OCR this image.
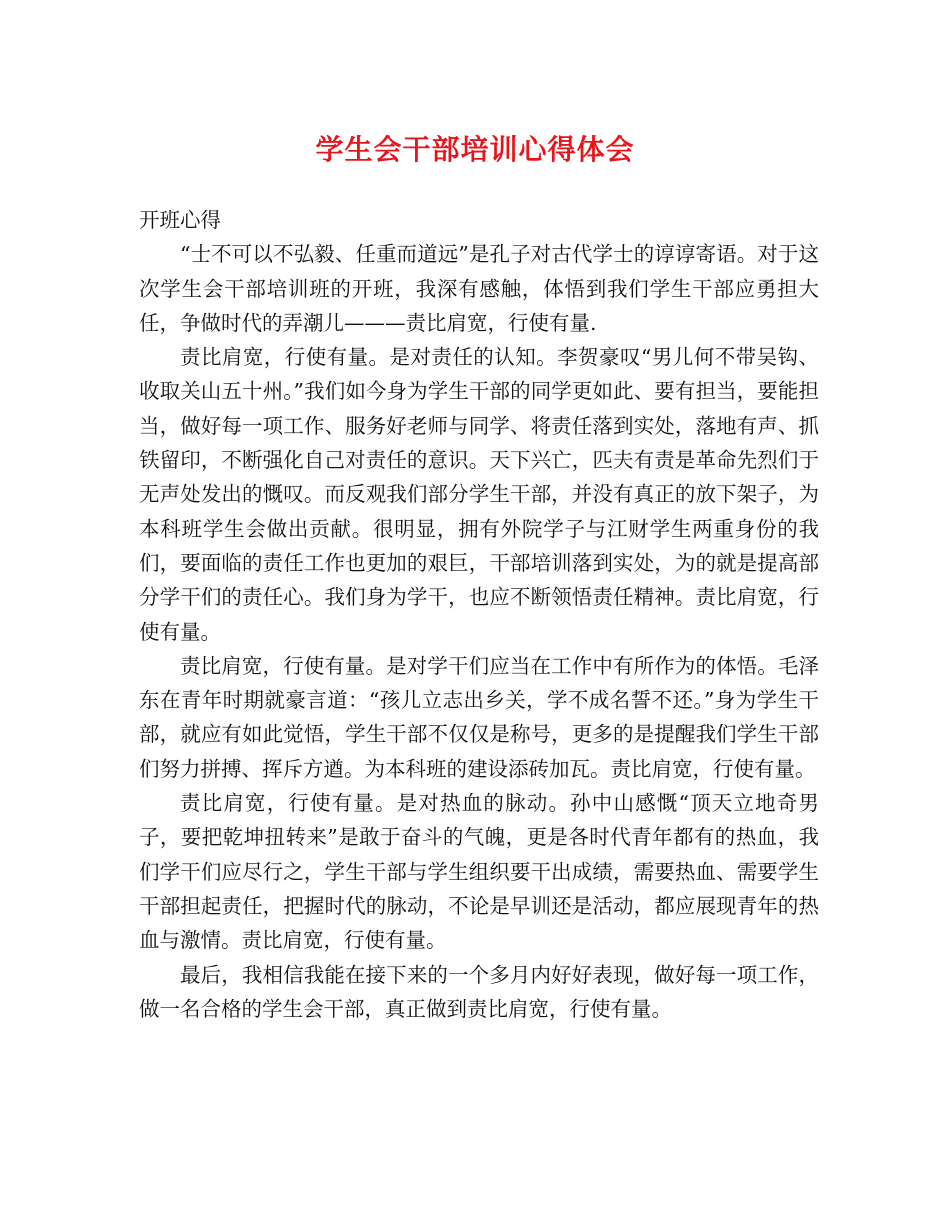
学生会干部培训心得体会

开班心得

“士不可以不弘毅、任重而道远”是孔子对古代学士的谆谆寄语。对于这次学生会干部培训班的开班，我深有感触，体悟到我们学生干部应勇担大任，争做时代的弄潮儿———责比肩宽，行使有量.

责比肩宽，行使有量。是对责任的认知。李贺豪叹“男儿何不带吴钩、收取关山五十州。”我们如今身为学生干部的同学更如此、要有担当，要能担当，做好每一项工作、服务好老师与同学、将责任落到实处，落地有声、抓铁留印，不断强化自己对责任的意识。天下兴亡，匹夫有责是革命先烈们于无声处发出的慨叹。而反观我们部分学生干部，并没有真正的放下架子，为本科班学生会做出贡献。很明显，拥有外院学子与江财学生两重身份的我们，要面临的责任工作也更加的艰巨，干部培训落到实处，为的就是提高部分学干们的责任心。我们身为学干，也应不断领悟责任精神。责比肩宽，行使有量。

责比肩宽，行使有量。是对学干们应当在工作中有所作为的体悟。毛泽东在青年时期就豪言道：“孩儿立志出乡关，学不成名誓不还。”身为学生干部，就应有如此觉悟，学生干部不仅仅是称号，更多的是提醒我们学生干部们努力拼搏、挥斥方遒。为本科班的建设添砖加瓦。责比肩宽，行使有量。

责比肩宽，行使有量。是对热血的脉动。孙中山感慨“顶天立地奇男子，要把乾坤扭转来”是敢于奋斗的气魄，更是各时代青年都有的热血，我们学干们应尽行之，学生干部与学生组织要干出成绩，需要热血、需要学生干部担起责任，把握时代的脉动，不论是早训还是活动，都应展现青年的热血与激情。责比肩宽，行使有量。

最后，我相信我能在接下来的一个多月内好好表现，做好每一项工作，做一名合格的学生会干部，真正做到责比肩宽，行使有量。
